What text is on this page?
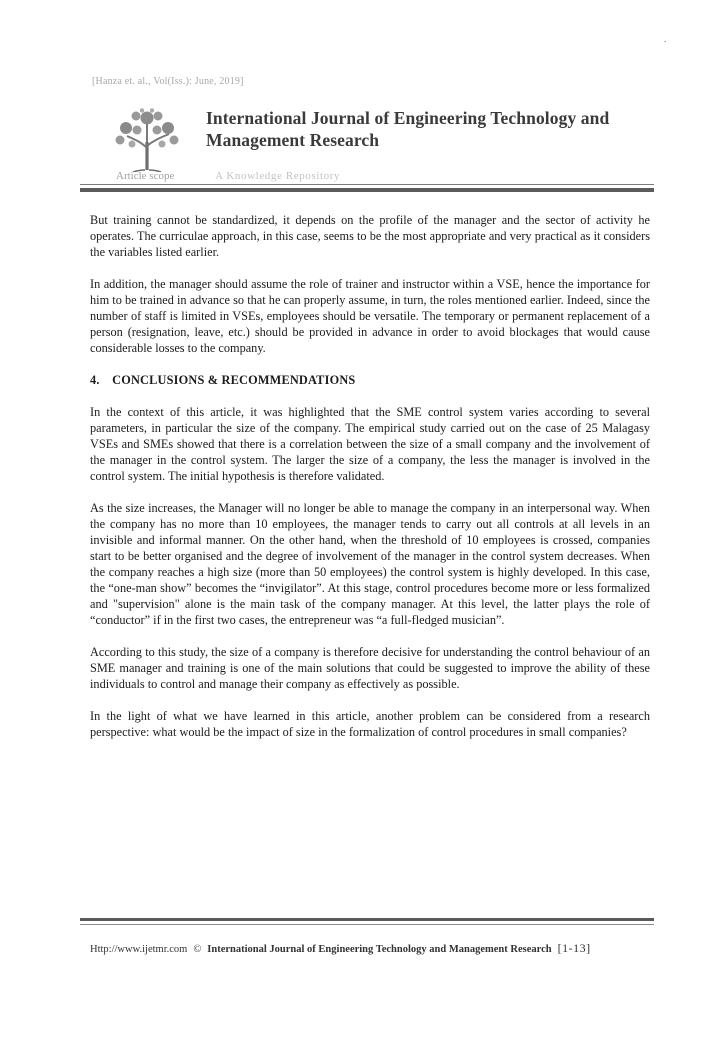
.
[Hanza et. al., Vol(Iss.): June, 2019]
International Journal of Engineering Technology and Management Research
Article scope	A Knowledge Repository

But training cannot be standardized, it depends on the profile of the manager and the sector of activity he operates. The curriculae approach, in this case, seems to be the most appropriate and very practical as it considers the variables listed earlier.

In addition, the manager should assume the role of trainer and instructor within a VSE, hence the importance for him to be trained in advance so that he can properly assume, in turn, the roles mentioned earlier. Indeed, since the number of staff is limited in VSEs, employees should be versatile. The temporary or permanent replacement of a person (resignation, leave, etc.) should be provided in advance in order to avoid blockages that would cause considerable losses to the company.

4. CONCLUSIONS & RECOMMENDATIONS

In the context of this article, it was highlighted that the SME control system varies according to several parameters, in particular the size of the company. The empirical study carried out on the case of 25 Malagasy VSEs and SMEs showed that there is a correlation between the size of a small company and the involvement of the manager in the control system. The larger the size of a company, the less the manager is involved in the control system. The initial hypothesis is therefore validated.

As the size increases, the Manager will no longer be able to manage the company in an interpersonal way. When the company has no more than 10 employees, the manager tends to carry out all controls at all levels in an invisible and informal manner. On the other hand, when the threshold of 10 employees is crossed, companies start to be better organised and the degree of involvement of the manager in the control system decreases. When the company reaches a high size (more than 50 employees) the control system is highly developed. In this case, the “one-man show” becomes the “invigilator”. At this stage, control procedures become more or less formalized and "supervision" alone is the main task of the company manager. At this level, the latter plays the role of “conductor” if in the first two cases, the entrepreneur was “a full-fledged musician”.

According to this study, the size of a company is therefore decisive for understanding the control behaviour of an SME manager and training is one of the main solutions that could be suggested to improve the ability of these individuals to control and manage their company as effectively as possible.

In the light of what we have learned in this article, another problem can be considered from a research perspective: what would be the impact of size in the formalization of control procedures in small companies?

Http://www.ijetmr.com © International Journal of Engineering Technology and Management Research [1-13]
